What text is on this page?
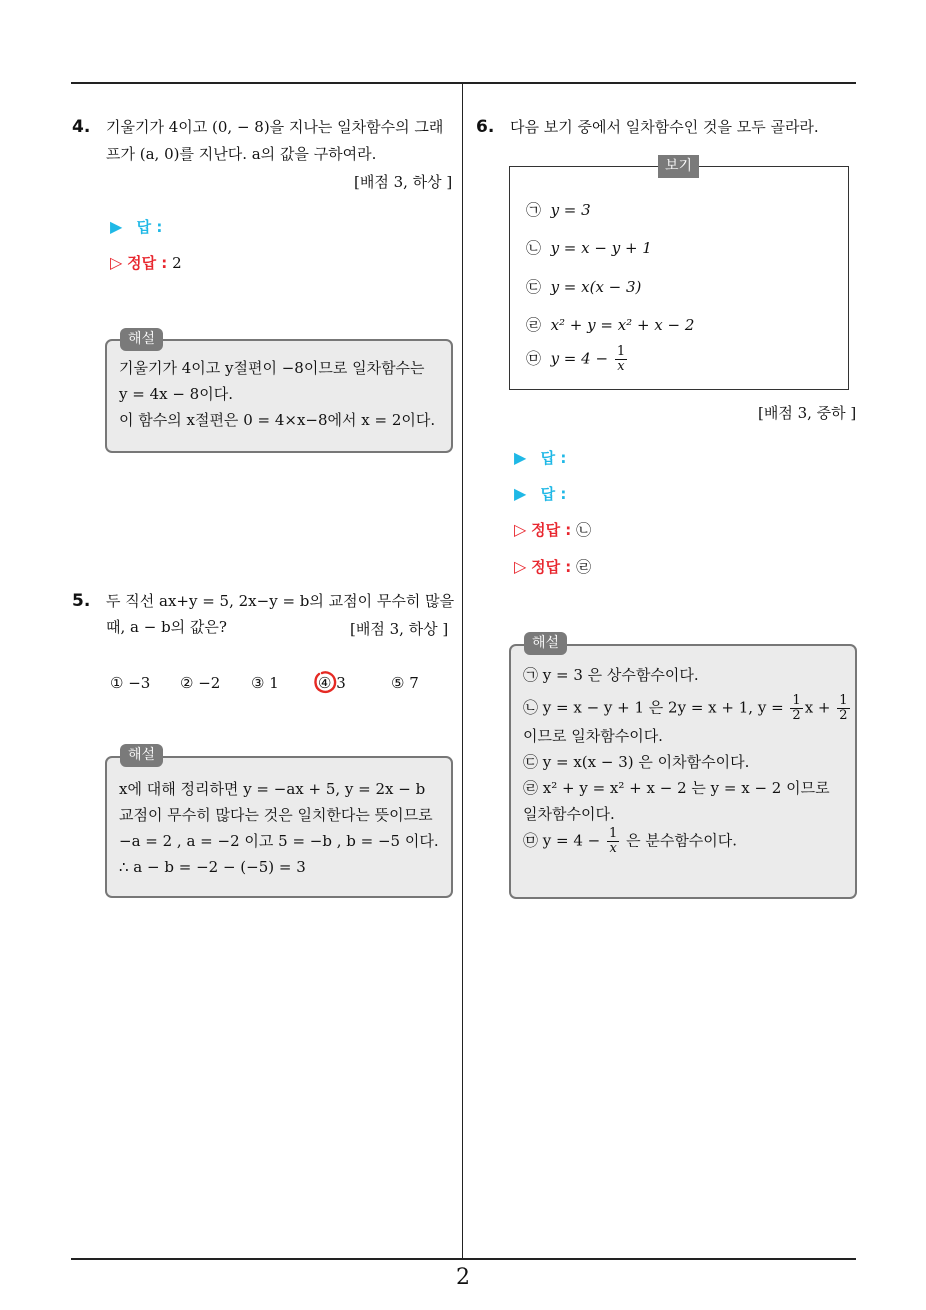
2
4. 기울기가 4이고 (0, − 8)을 지나는 일차함수의 그래
프가 (a, 0)를 지난다. a의 값을 구하여라.
[배점 3, 하상 ]
▶ 답 :
▷ 정답 : 2
기울기가 4이고 y절편이 −8이므로 일차함수는
y = 4x − 8이다.
이 함수의 x절편은 0 = 4×x−8에서 x = 2이다.
해설
5. 두 직선 ax+y = 5, 2x−y = b의 교점이 무수히 많을
때, a − b의 값은?	[배점 3, 하상 ]
① −3 ② −2 ③ 1	④ 3	⑤ 7
x에 대해 정리하면 y = −ax + 5, y = 2x − b
교점이 무수히 많다는 것은 일치한다는 뜻이므로
−a = 2 , a = −2 이고 5 = −b , b = −5 이다.
∴ a − b = −2 − (−5) = 3
해설
6. 다음 보기 중에서 일차함수인 것을 모두 골라라.
㉠ y = 3
㉡ y = x − y + 1
㉢ y = x(x − 3)
㉣ x² + y = x² + x − 2
㉤ $y = 4 - \frac{1}{x}$
보기
[배점 3, 중하 ]
▶ 답 :
▶ 답 :
▷ 정답 : ㉡
▷ 정답 : ㉣
㉠ y = 3 은 상수함수이다.
㉡ y = x − y + 1 은 2y = x + 1, $y = \frac{1}{2}$ $x + \frac{1}{2}$
이므로 일차함수이다.
㉢ y = x(x − 3) 은 이차함수이다.
㉣ x² + y = x² + x − 2 는 y = x − 2 이므로
일차함수이다.
㉤ $y = 4 - \frac{1}{x}$ 은 분수함수이다.
해설
